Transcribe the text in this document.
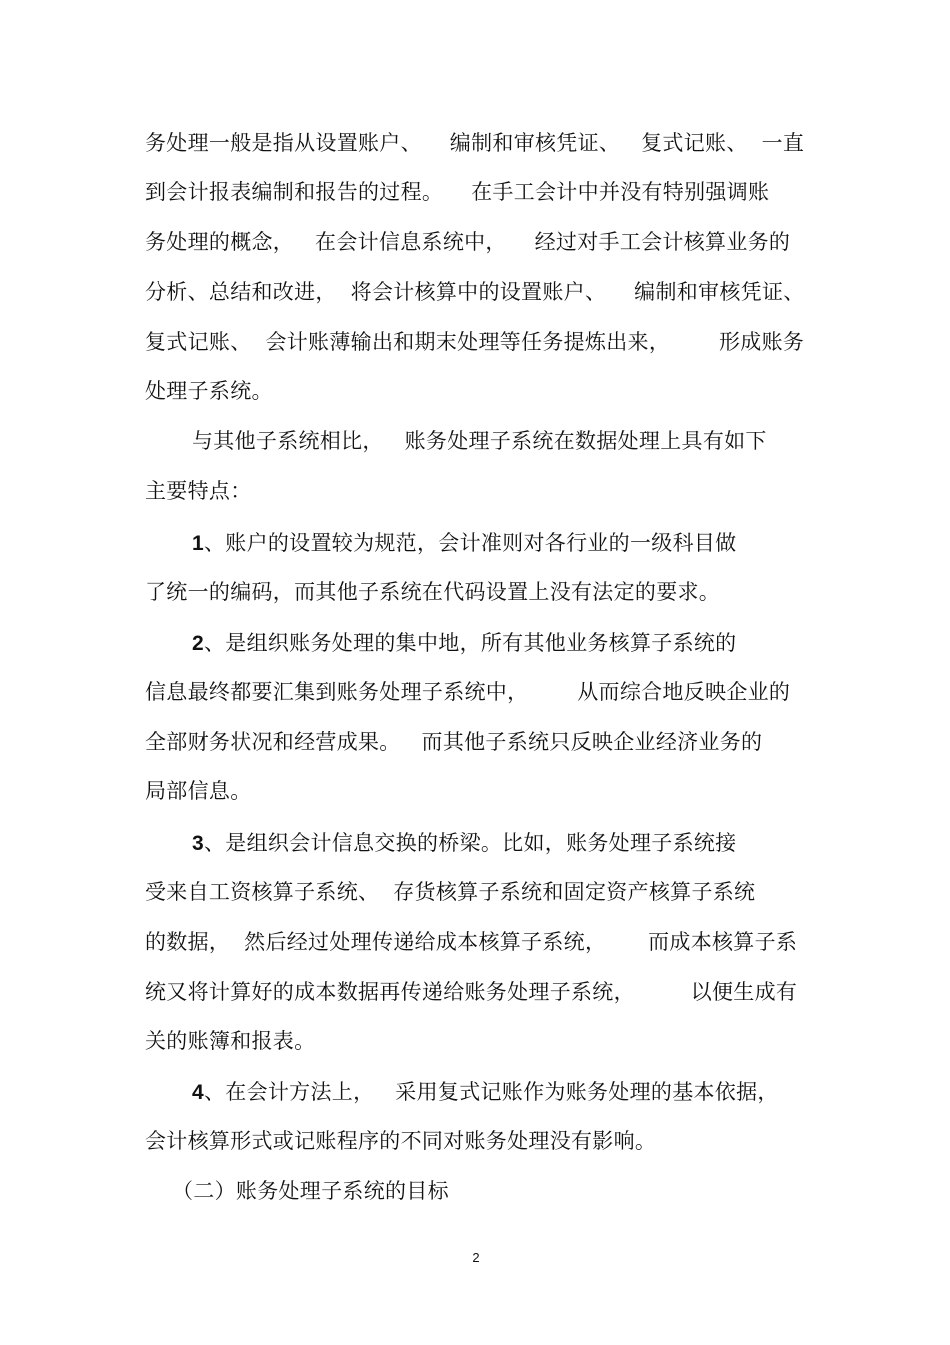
务处理一般是指从设置账户、    编制和审核凭证、   复式记账、  一直
到会计报表编制和报告的过程。    在手工会计中并没有特别强调账
务处理的概念，   在会计信息系统中，    经过对手工会计核算业务的
分析、总结和改进，  将会计核算中的设置账户、    编制和审核凭证、
复式记账、  会计账薄输出和期末处理等任务提炼出来，       形成账务
处理子系统。
与其他子系统相比，   账务处理子系统在数据处理上具有如下
主要特点：
1、账户的设置较为规范，会计准则对各行业的一级科目做
了统一的编码，而其他子系统在代码设置上没有法定的要求。
2、是组织账务处理的集中地，所有其他业务核算子系统的
信息最终都要汇集到账务处理子系统中，       从而综合地反映企业的
全部财务状况和经营成果。   而其他子系统只反映企业经济业务的
局部信息。
3、是组织会计信息交换的桥梁。比如，账务处理子系统接
受来自工资核算子系统、  存货核算子系统和固定资产核算子系统
的数据，  然后经过处理传递给成本核算子系统，      而成本核算子系
统又将计算好的成本数据再传递给账务处理子系统，        以便生成有
关的账簿和报表。
4、在会计方法上，   采用复式记账作为账务处理的基本依据，
会计核算形式或记账程序的不同对账务处理没有影响。
（二）账务处理子系统的目标
2
